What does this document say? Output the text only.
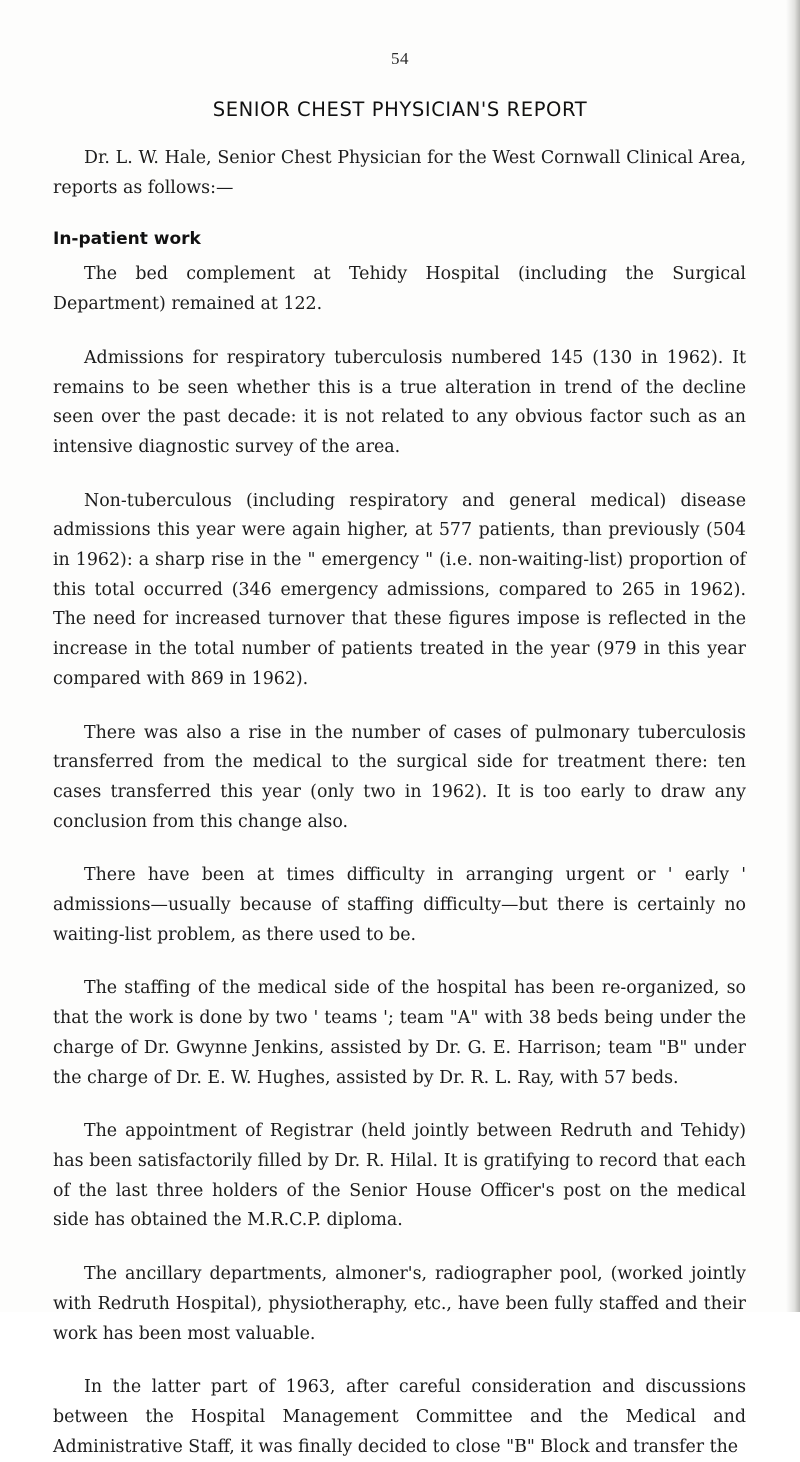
54
SENIOR CHEST PHYSICIAN'S REPORT

Dr. L. W. Hale, Senior Chest Physician for the West Cornwall Clinical Area, reports as follows:—

In-patient work

The bed complement at Tehidy Hospital (including the Surgical Department) remained at 122.

Admissions for respiratory tuberculosis numbered 145 (130 in 1962). It remains to be seen whether this is a true alteration in trend of the decline seen over the past decade: it is not related to any obvious factor such as an intensive diagnostic survey of the area.

Non-tuberculous (including respiratory and general medical) disease admissions this year were again higher, at 577 patients, than previously (504 in 1962): a sharp rise in the " emergency " (i.e. non-waiting-list) proportion of this total occurred (346 emergency admissions, compared to 265 in 1962). The need for increased turnover that these figures impose is reflected in the increase in the total number of patients treated in the year (979 in this year compared with 869 in 1962).

There was also a rise in the number of cases of pulmonary tuberculosis transferred from the medical to the surgical side for treatment there: ten cases transferred this year (only two in 1962). It is too early to draw any conclusion from this change also.

There have been at times difficulty in arranging urgent or ' early ' admissions—usually because of staffing difficulty—but there is certainly no waiting-list problem, as there used to be.

The staffing of the medical side of the hospital has been re-organized, so that the work is done by two ' teams '; team "A" with 38 beds being under the charge of Dr. Gwynne Jenkins, assisted by Dr. G. E. Harrison; team "B" under the charge of Dr. E. W. Hughes, assisted by Dr. R. L. Ray, with 57 beds.

The appointment of Registrar (held jointly between Redruth and Tehidy) has been satisfactorily filled by Dr. R. Hilal. It is gratifying to record that each of the last three holders of the Senior House Officer's post on the medical side has obtained the M.R.C.P. diploma.

The ancillary departments, almoner's, radiographer pool, (worked jointly with Redruth Hospital), physiotheraphy, etc., have been fully staffed and their work has been most valuable.

In the latter part of 1963, after careful consideration and discussions between the Hospital Management Committee and the Medical and Administrative Staff, it was finally decided to close "B" Block and transfer the
